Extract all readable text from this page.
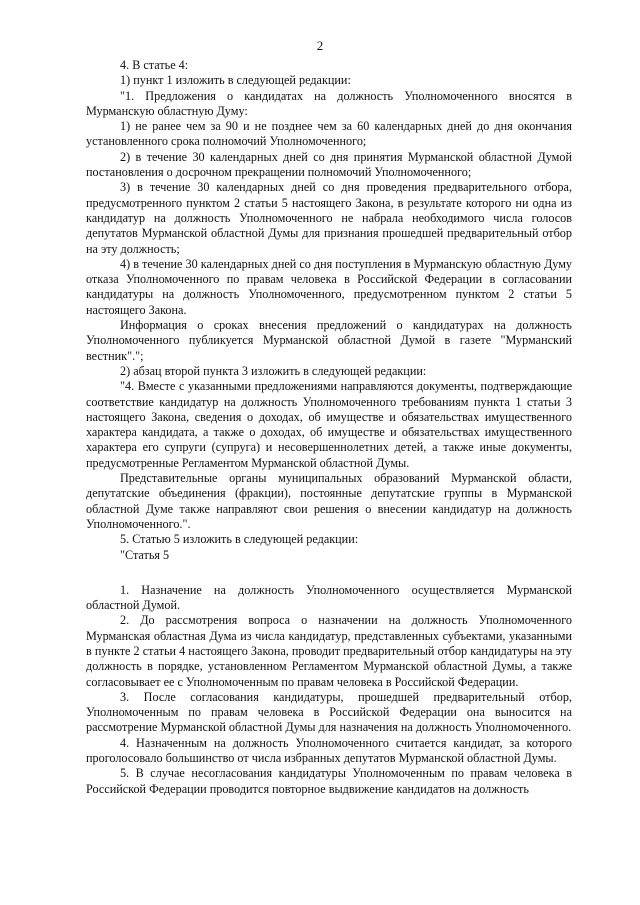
2

4. В статье 4:

1) пункт 1 изложить в следующей редакции:

"1. Предложения о кандидатах на должность Уполномоченного вносятся в Мурманскую областную Думу:

1) не ранее чем за 90 и не позднее чем за 60 календарных дней до дня окончания установленного срока полномочий Уполномоченного;

2) в течение 30 календарных дней со дня принятия Мурманской областной Думой постановления о досрочном прекращении полномочий Уполномоченного;

3) в течение 30 календарных дней со дня проведения предварительного отбора, предусмотренного пунктом 2 статьи 5 настоящего Закона, в результате которого ни одна из кандидатур на должность Уполномоченного не набрала необходимого числа голосов депутатов Мурманской областной Думы для признания прошедшей предварительный отбор на эту должность;

4) в течение 30 календарных дней со дня поступления в Мурманскую областную Думу отказа Уполномоченного по правам человека в Российской Федерации в согласовании кандидатуры на должность Уполномоченного, предусмотренном пунктом 2 статьи 5 настоящего Закона.

Информация о сроках внесения предложений о кандидатурах на должность Уполномоченного публикуется Мурманской областной Думой в газете "Мурманский вестник".";

2) абзац второй пункта 3 изложить в следующей редакции:

"4. Вместе с указанными предложениями направляются документы, подтверждающие соответствие кандидатур на должность Уполномоченного требованиям пункта 1 статьи 3 настоящего Закона, сведения о доходах, об имуществе и обязательствах имущественного характера кандидата, а также о доходах, об имуществе и обязательствах имущественного характера его супруги (супруга) и несовершеннолетних детей, а также иные документы, предусмотренные Регламентом Мурманской областной Думы.

Представительные органы муниципальных образований Мурманской области, депутатские объединения (фракции), постоянные депутатские группы в Мурманской областной Думе также направляют свои решения о внесении кандидатур на должность Уполномоченного.".

5. Статью 5 изложить в следующей редакции:

"Статья 5

1. Назначение на должность Уполномоченного осуществляется Мурманской областной Думой.

2. До рассмотрения вопроса о назначении на должность Уполномоченного Мурманская областная Дума из числа кандидатур, представленных субъектами, указанными в пункте 2 статьи 4 настоящего Закона, проводит предварительный отбор кандидатуры на эту должность в порядке, установленном Регламентом Мурманской областной Думы, а также согласовывает ее с Уполномоченным по правам человека в Российской Федерации.

3. После согласования кандидатуры, прошедшей предварительный отбор, Уполномоченным по правам человека в Российской Федерации она выносится на рассмотрение Мурманской областной Думы для назначения на должность Уполномоченного.

4. Назначенным на должность Уполномоченного считается кандидат, за которого проголосовало большинство от числа избранных депутатов Мурманской областной Думы.

5. В случае несогласования кандидатуры Уполномоченным по правам человека в Российской Федерации проводится повторное выдвижение кандидатов на должность
